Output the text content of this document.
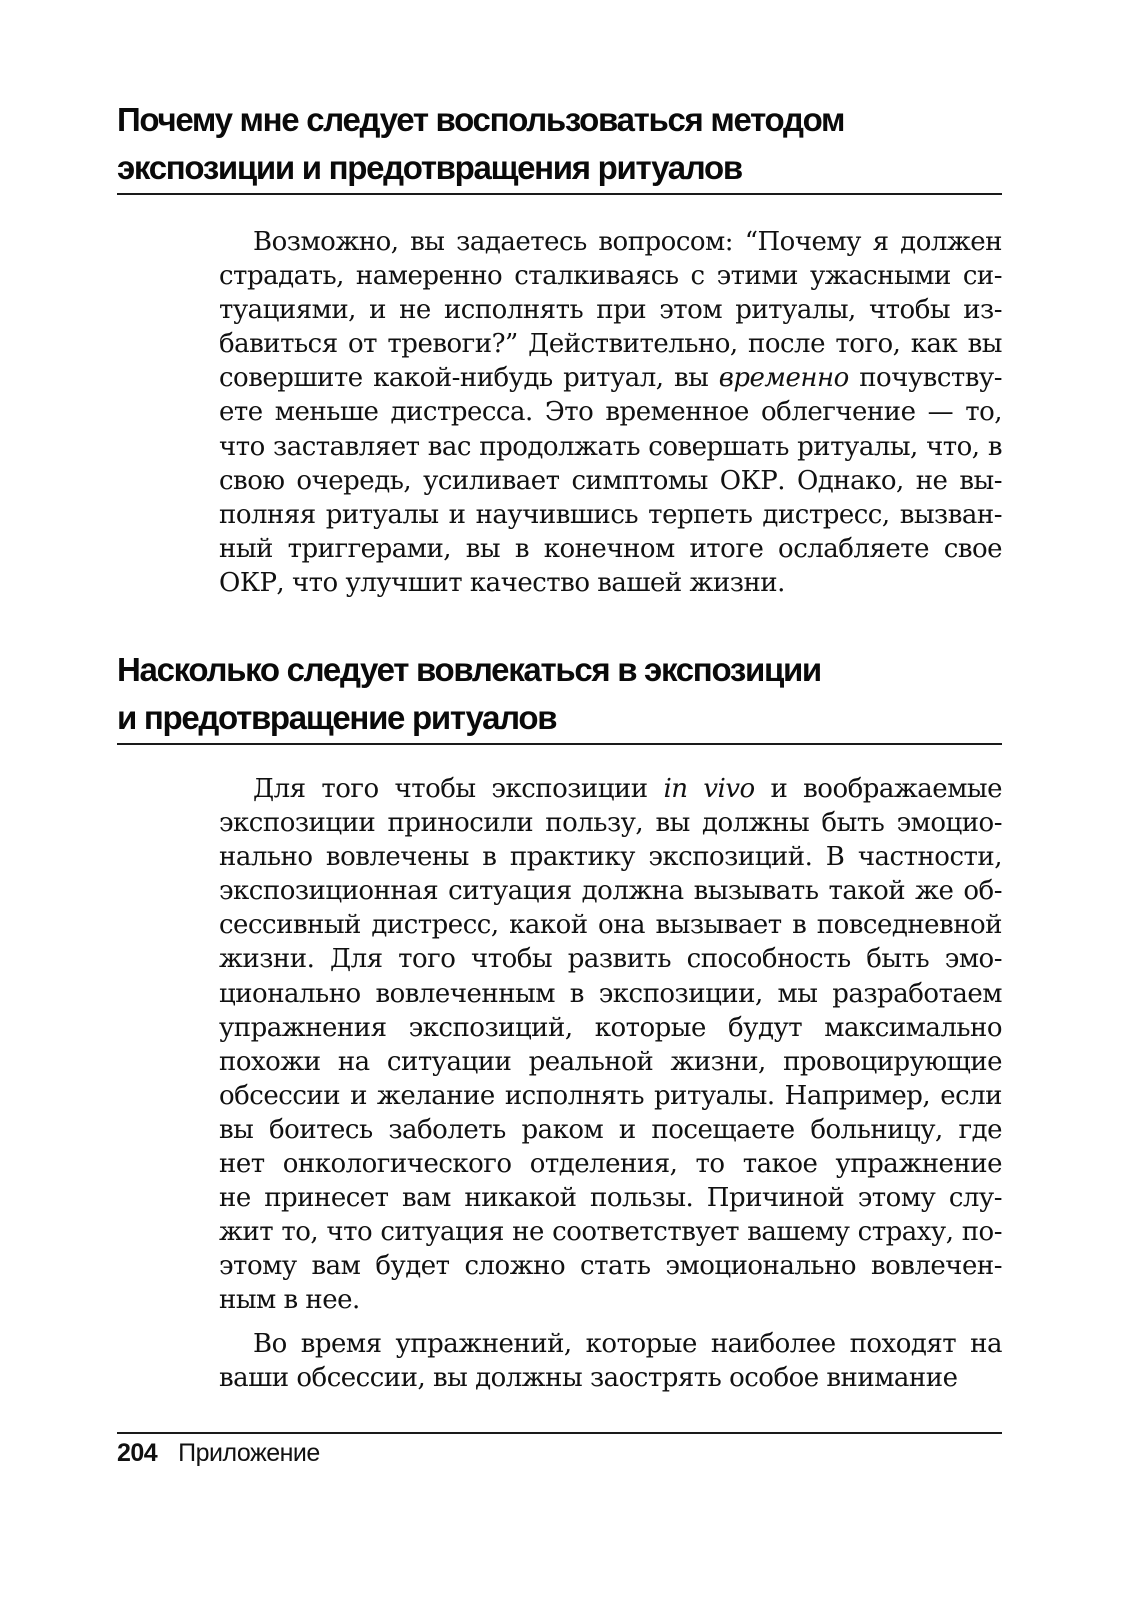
Почему мне следует воспользоваться методом
экспозиции и предотвращения ритуалов
Возможно, вы задаетесь вопросом: “Почему я должен
страдать, намеренно сталкиваясь с этими ужасными си-
туациями, и не исполнять при этом ритуалы, чтобы из-
бавиться от тревоги?” Действительно, после того, как вы
совершите какой-нибудь ритуал, вы временно почувству-
ете меньше дистресса. Это временное облегчение — то,
что заставляет вас продолжать совершать ритуалы, что, в
свою очередь, усиливает симптомы ОКР. Однако, не вы-
полняя ритуалы и научившись терпеть дистресс, вызван-
ный триггерами, вы в конечном итоге ослабляете свое
ОКР, что улучшит качество вашей жизни.
Насколько следует вовлекаться в экспозиции
и предотвращение ритуалов
Для того чтобы экспозиции in vivo и воображаемые
экспозиции приносили пользу, вы должны быть эмоцио-
нально вовлечены в практику экспозиций. В частности,
экспозиционная ситуация должна вызывать такой же об-
сессивный дистресс, какой она вызывает в повседневной
жизни. Для того чтобы развить способность быть эмо-
ционально вовлеченным в экспозиции, мы разработаем
упражнения экспозиций, которые будут максимально
похожи на ситуации реальной жизни, провоцирующие
обсессии и желание исполнять ритуалы. Например, если
вы боитесь заболеть раком и посещаете больницу, где
нет онкологического отделения, то такое упражнение
не принесет вам никакой пользы. Причиной этому слу-
жит то, что ситуация не соответствует вашему страху, по-
этому вам будет сложно стать эмоционально вовлечен-
ным в нее.
Во время упражнений, которые наиболее походят на
ваши обсессии, вы должны заострять особое внимание
204 Приложение
